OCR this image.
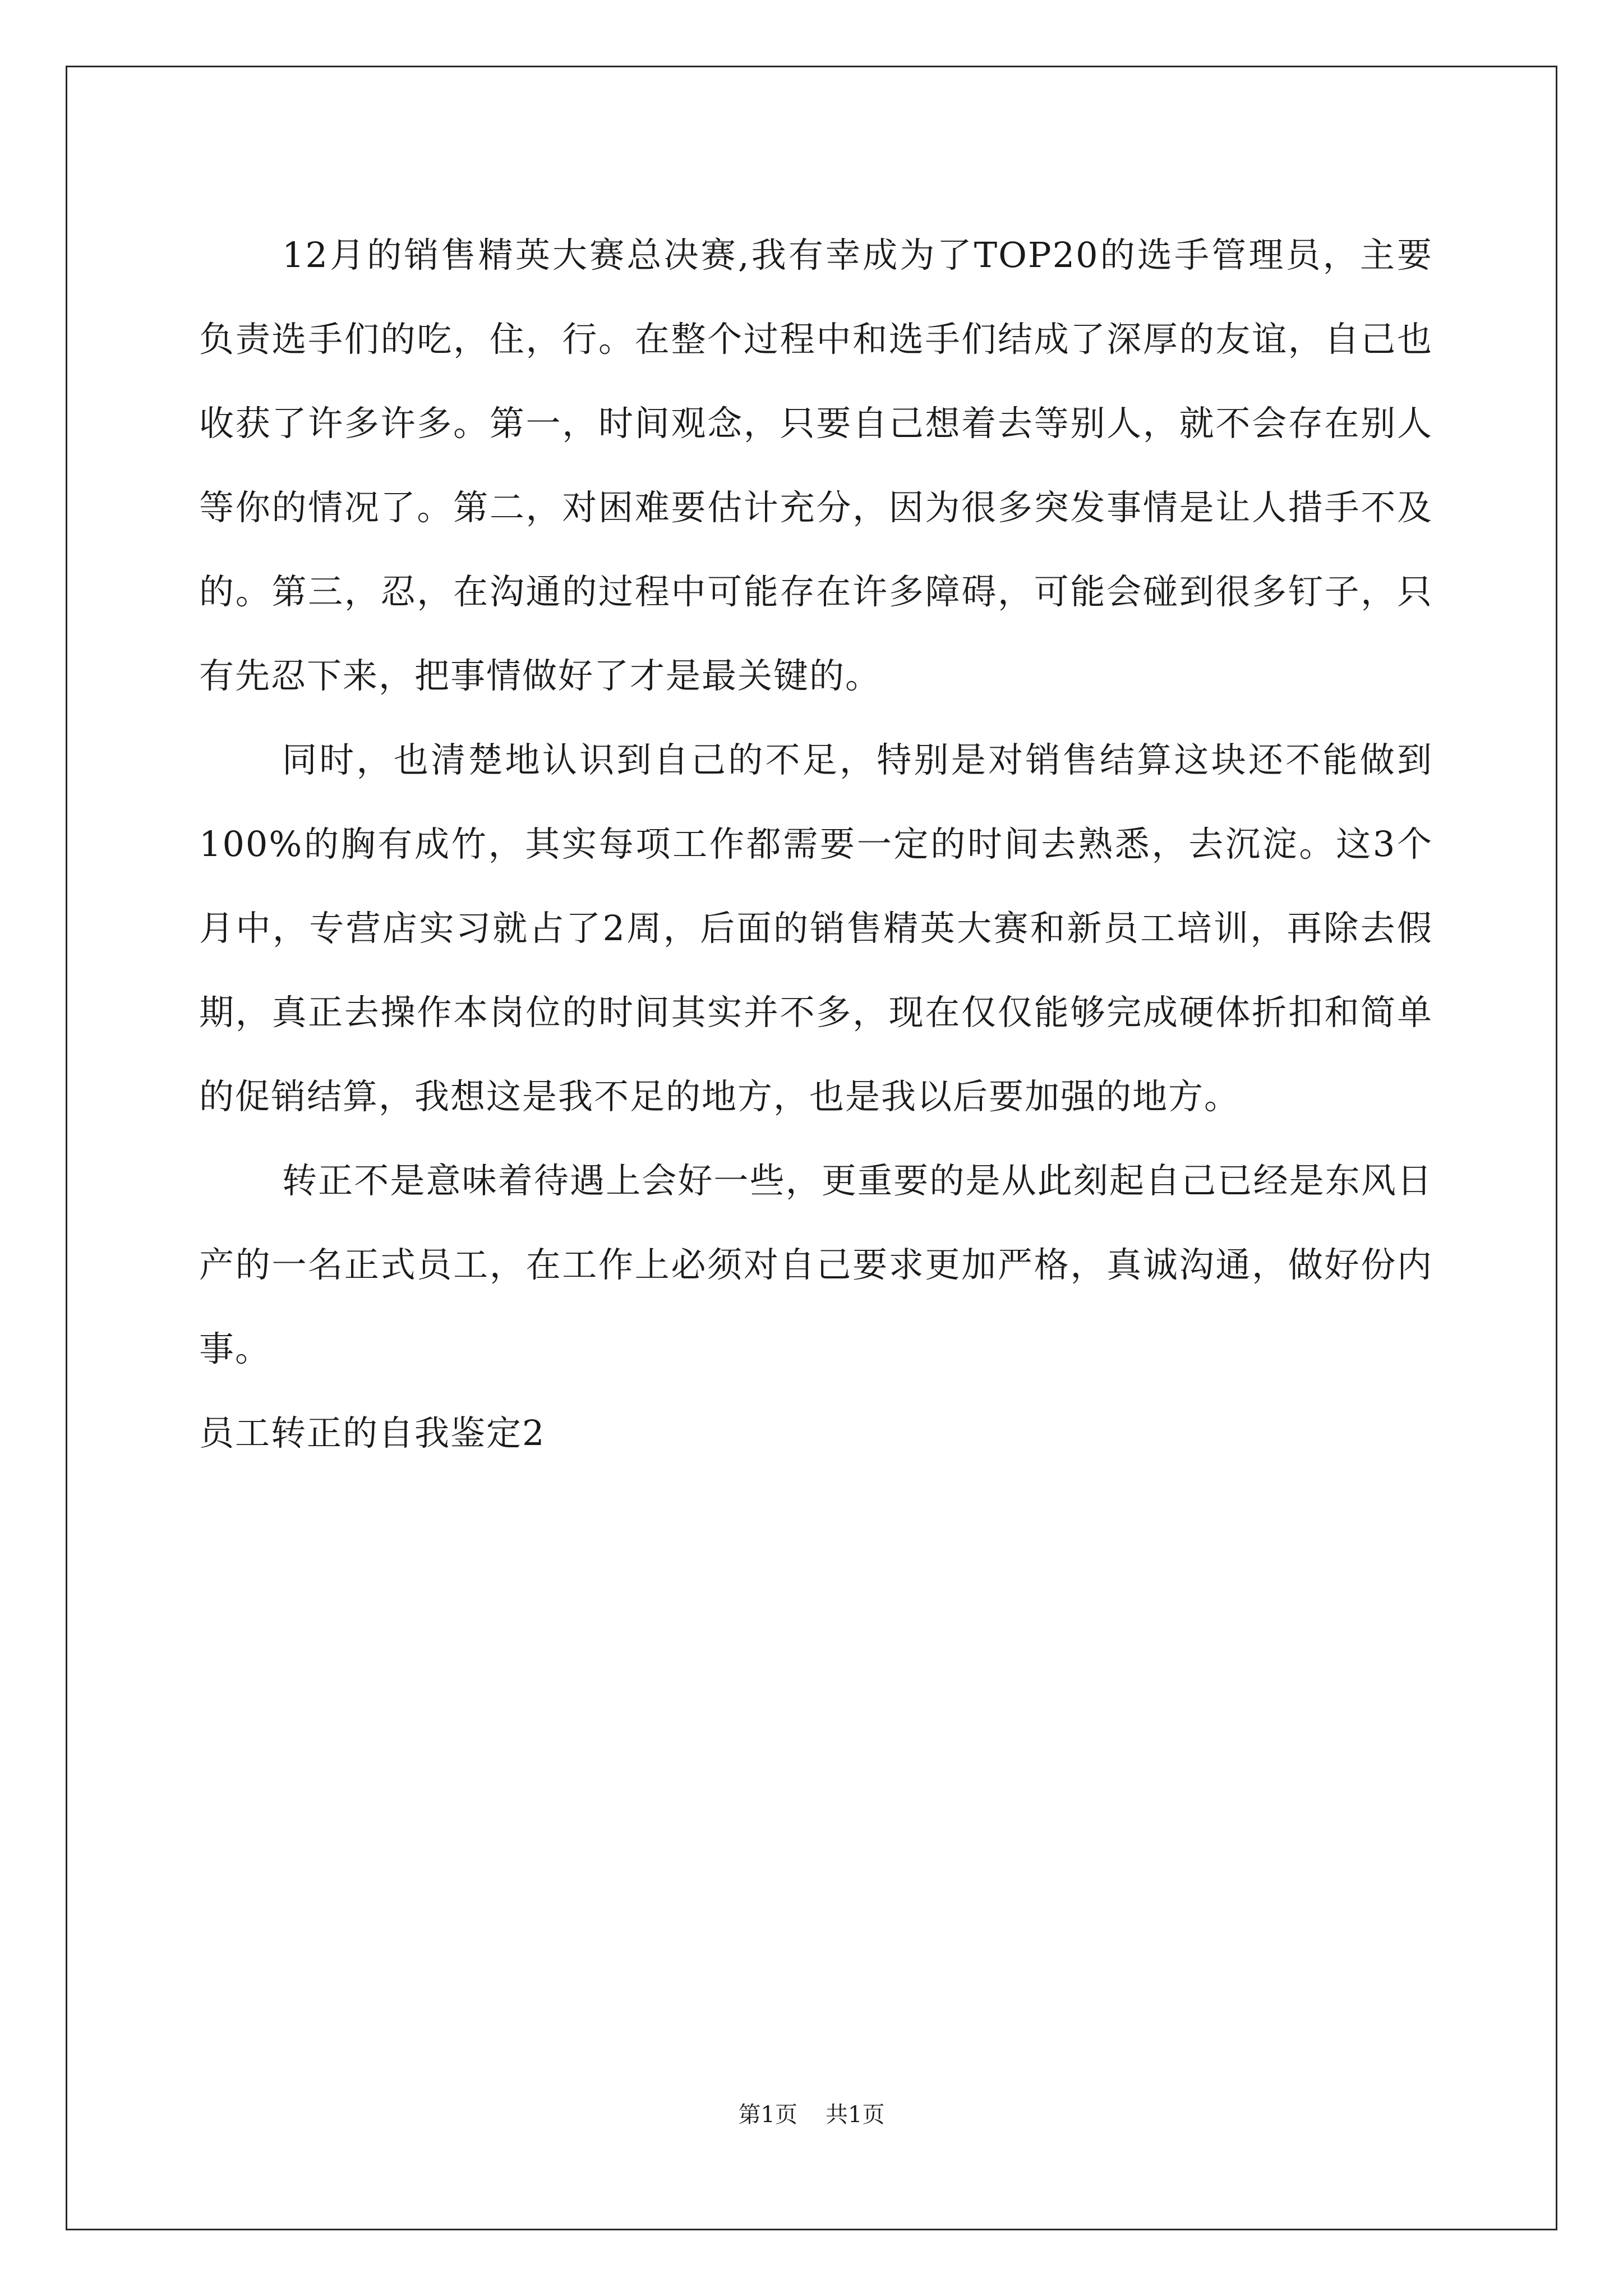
12月的销售精英大赛总决赛,我有幸成为了TOP20的选手管理员，主要负责选手们的吃，住，行。在整个过程中和选手们结成了深厚的友谊，自己也收获了许多许多。第一，时间观念，只要自己想着去等别人，就不会存在别人等你的情况了。第二，对困难要估计充分，因为很多突发事情是让人措手不及的。第三，忍，在沟通的过程中可能存在许多障碍，可能会碰到很多钉子，只有先忍下来，把事情做好了才是最关键的。

同时，也清楚地认识到自己的不足，特别是对销售结算这块还不能做到100%的胸有成竹，其实每项工作都需要一定的时间去熟悉，去沉淀。这3个月中，专营店实习就占了2周，后面的销售精英大赛和新员工培训，再除去假期，真正去操作本岗位的时间其实并不多，现在仅仅能够完成硬体折扣和简单的促销结算，我想这是我不足的地方，也是我以后要加强的地方。

转正不是意味着待遇上会好一些，更重要的是从此刻起自己已经是东风日产的一名正式员工，在工作上必须对自己要求更加严格，真诚沟通，做好份内事。

员工转正的自我鉴定2

第1页 共1页
